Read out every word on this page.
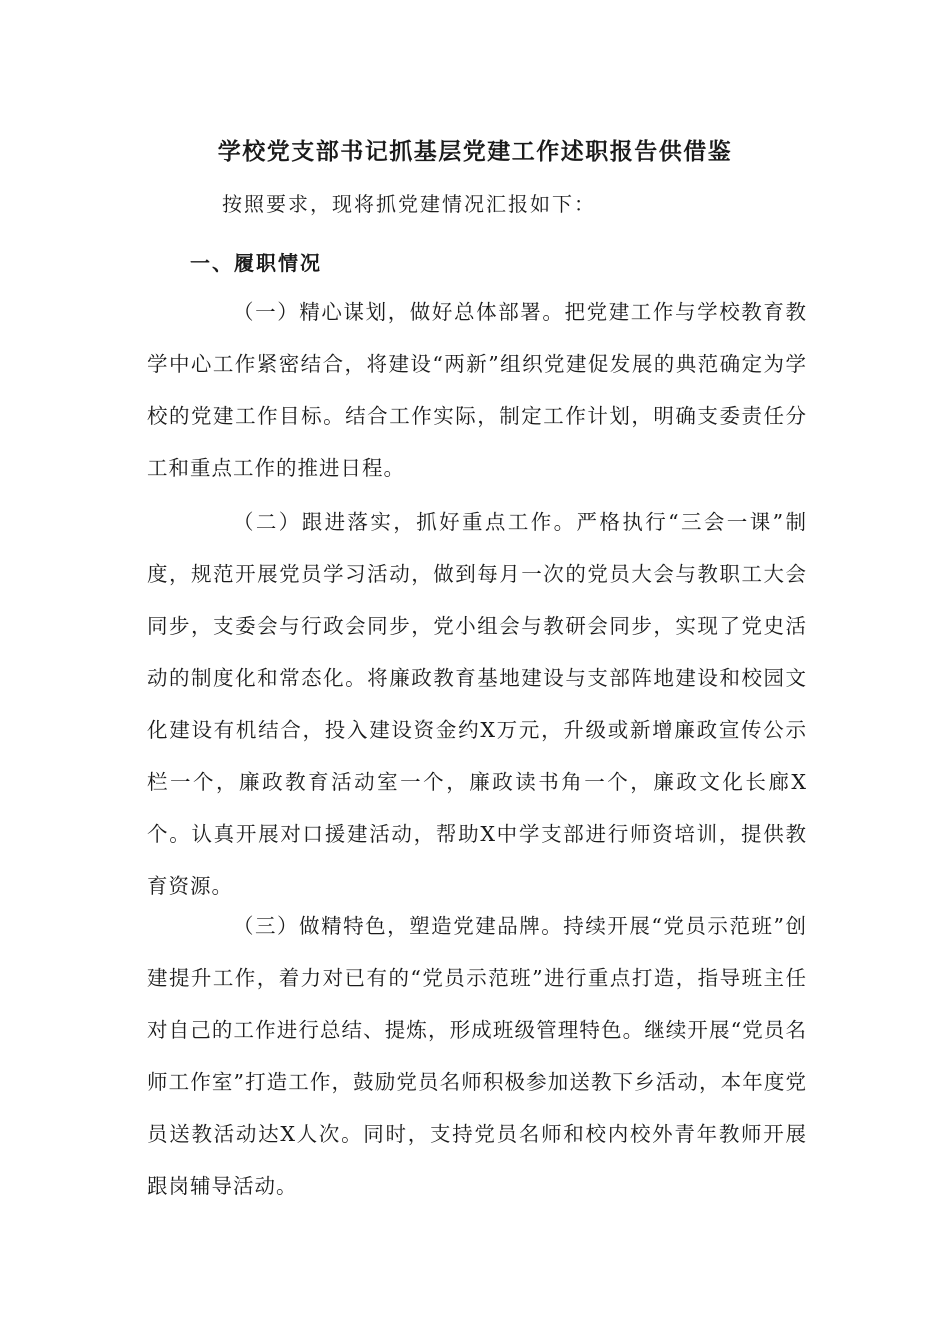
学校党支部书记抓基层党建工作述职报告供借鉴
按照要求，现将抓党建情况汇报如下：
一、履职情况

（一）精心谋划，做好总体部署。把党建工作与学校教育教学中心工作紧密结合，将建设“两新”组织党建促发展的典范确定为学校的党建工作目标。结合工作实际，制定工作计划，明确支委责任分工和重点工作的推进日程。

（二）跟进落实，抓好重点工作。严格执行“三会一课”制度，规范开展党员学习活动，做到每月一次的党员大会与教职工大会同步，支委会与行政会同步，党小组会与教研会同步，实现了党史活动的制度化和常态化。将廉政教育基地建设与支部阵地建设和校园文化建设有机结合，投入建设资金约X万元，升级或新增廉政宣传公示栏一个，廉政教育活动室一个，廉政读书角一个，廉政文化长廊X个。认真开展对口援建活动，帮助X中学支部进行师资培训，提供教育资源。

（三）做精特色，塑造党建品牌。持续开展“党员示范班”创建提升工作，着力对已有的“党员示范班”进行重点打造，指导班主任对自己的工作进行总结、提炼，形成班级管理特色。继续开展“党员名师工作室”打造工作，鼓励党员名师积极参加送教下乡活动，本年度党员送教活动达X人次。同时，支持党员名师和校内校外青年教师开展跟岗辅导活动。
